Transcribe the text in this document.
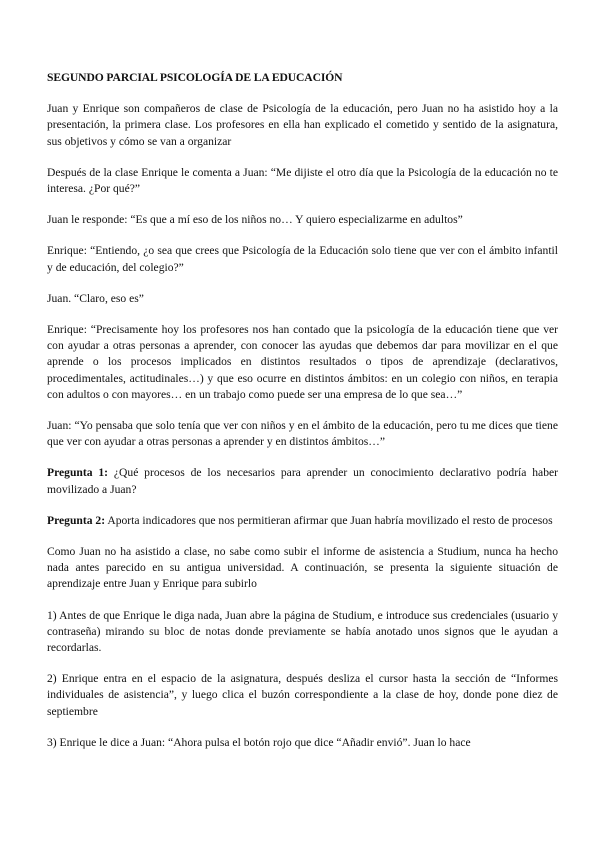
SEGUNDO PARCIAL PSICOLOGÍA DE LA EDUCACIÓN
Juan y Enrique son compañeros de clase de Psicología de la educación, pero Juan no ha asistido hoy a la presentación, la primera clase. Los profesores en ella han explicado el cometido y sentido de la asignatura, sus objetivos y cómo se van a organizar
Después de la clase Enrique le comenta a Juan: “Me dijiste el otro día que la Psicología de la educación no te interesa. ¿Por qué?”
Juan le responde: “Es que a mí eso de los niños no… Y quiero especializarme en adultos”
Enrique: “Entiendo, ¿o sea que crees que Psicología de la Educación solo tiene que ver con el ámbito infantil y de educación, del colegio?”
Juan. “Claro, eso es”
Enrique: “Precisamente hoy los profesores nos han contado que la psicología de la educación tiene que ver con ayudar a otras personas a aprender, con conocer las ayudas que debemos dar para movilizar en el que aprende o los procesos implicados en distintos resultados o tipos de aprendizaje (declarativos, procedimentales, actitudinales…) y que eso ocurre en distintos ámbitos: en un colegio con niños, en terapia con adultos o con mayores… en un trabajo como puede ser una empresa de lo que sea…”
Juan: “Yo pensaba que solo tenía que ver con niños y en el ámbito de la educación, pero tu me dices que tiene que ver con ayudar a otras personas a aprender y en distintos ámbitos…”
Pregunta 1: ¿Qué procesos de los necesarios para aprender un conocimiento declarativo podría haber movilizado a Juan?
Pregunta 2: Aporta indicadores que nos permitieran afirmar que Juan habría movilizado el resto de procesos
Como Juan no ha asistido a clase, no sabe como subir el informe de asistencia a Studium, nunca ha hecho nada antes parecido en su antigua universidad. A continuación, se presenta la siguiente situación de aprendizaje entre Juan y Enrique para subirlo
1) Antes de que Enrique le diga nada, Juan abre la página de Studium, e introduce sus credenciales (usuario y contraseña) mirando su bloc de notas donde previamente se había anotado unos signos que le ayudan a recordarlas.
2) Enrique entra en el espacio de la asignatura, después desliza el cursor hasta la sección de “Informes individuales de asistencia”, y luego clica el buzón correspondiente a la clase de hoy, donde pone diez de septiembre
3) Enrique le dice a Juan: “Ahora pulsa el botón rojo que dice “Añadir envió”. Juan lo hace
